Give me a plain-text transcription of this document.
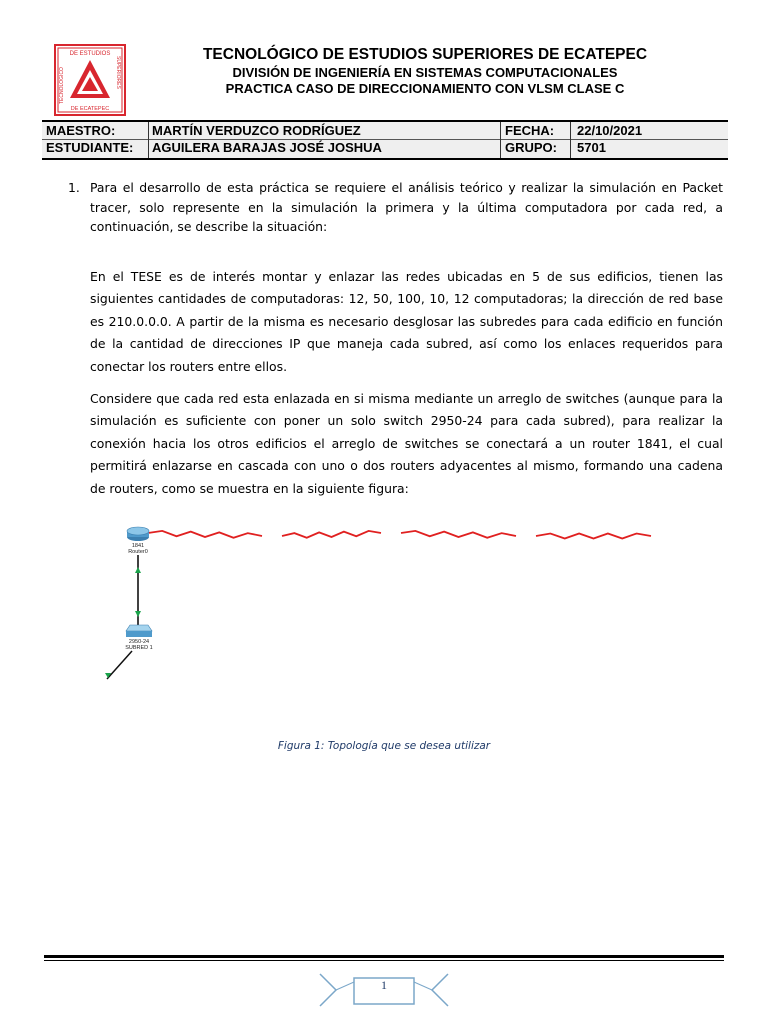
DE ESTUDIOS
DE ECATEPEC
TECNOLOGICO	SUPERIORES
TECNOLÓGICO DE ESTUDIOS SUPERIORES DE ECATEPEC
DIVISIÓN DE INGENIERÍA EN SISTEMAS COMPUTACIONALES
PRACTICA CASO DE DIRECCIONAMIENTO CON VLSM CLASE C
MAESTRO:	MARTÍN VERDUZCO RODRÍGUEZ	FECHA: 22/10/2021
ESTUDIANTE: AGUILERA BARAJAS JOSÉ JOSHUA	GRUPO: 5701
1. Para el desarrollo de esta práctica se requiere el análisis teórico y realizar la simulación en Packet tracer, solo represente en la simulación la primera y la última computadora por cada red, a continuación, se describe la situación:
En el TESE es de interés montar y enlazar las redes ubicadas en 5 de sus edificios, tienen las siguientes cantidades de computadoras: 12, 50, 100, 10, 12 computadoras; la dirección de red base es 210.0.0.0. A partir de la misma es necesario desglosar las subredes para cada edificio en función de la cantidad de direcciones IP que maneja cada subred, así como los enlaces requeridos para conectar los routers entre ellos.
Considere que cada red esta enlazada en si misma mediante un arreglo de switches (aunque para la simulación es suficiente con poner un solo switch 2950-24 para cada subred), para realizar la conexión hacia los otros edificios el arreglo de switches se conectará a un router 1841, el cual permitirá enlazarse en cascada con uno o dos routers adyacentes al mismo, formando una cadena de routers, como se muestra en la siguiente figura:
1841
Router0
2950-24
SUBRED 1
Figura 1: Topología que se desea utilizar
1
